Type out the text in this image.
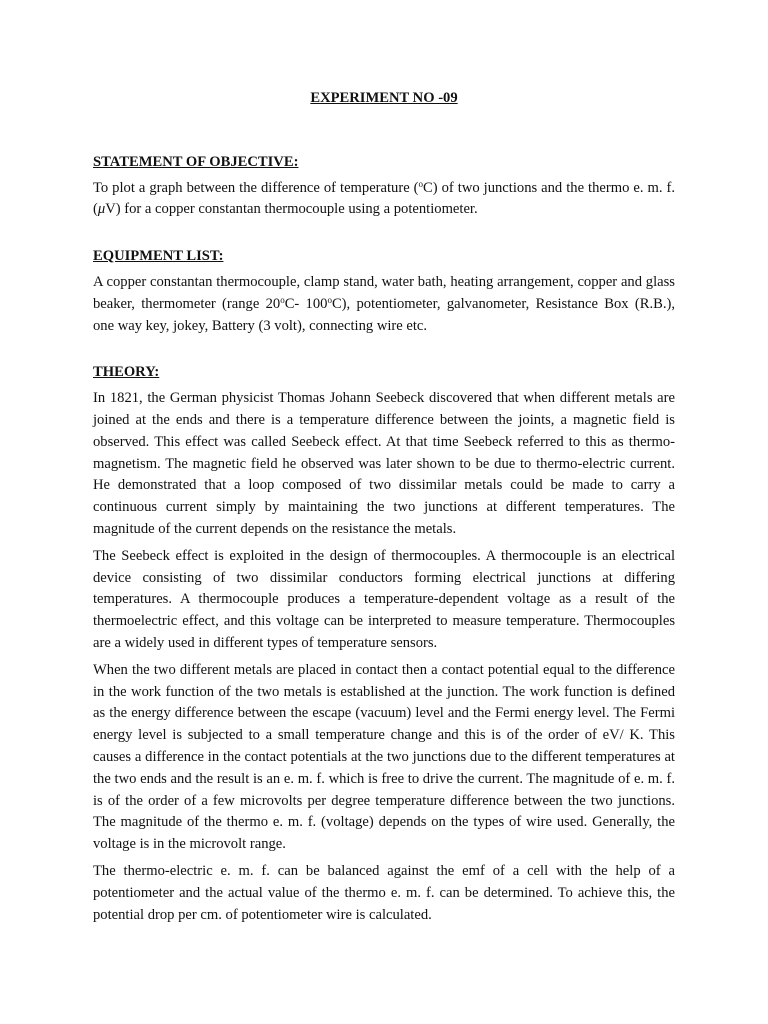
EXPERIMENT NO -09
STATEMENT OF OBJECTIVE:

To plot a graph between the difference of temperature ($^o$C) of two junctions and the thermo e. m. f. (μV) for a copper constantan thermocouple using a potentiometer.

EQUIPMENT LIST:

A copper constantan thermocouple, clamp stand, water bath, heating arrangement, copper and glass beaker, thermometer (range 20$^o$C- 100$^o$C), potentiometer, galvanometer, Resistance Box (R.B.), one way key, jokey, Battery (3 volt), connecting wire etc.

THEORY:

In 1821, the German physicist Thomas Johann Seebeck discovered that when different metals are joined at the ends and there is a temperature difference between the joints, a magnetic field is observed. This effect was called Seebeck effect. At that time Seebeck referred to this as thermo-magnetism. The magnetic field he observed was later shown to be due to thermo-electric current. He demonstrated that a loop composed of two dissimilar metals could be made to carry a continuous current simply by maintaining the two junctions at different temperatures. The magnitude of the current depends on the resistance the metals.

The Seebeck effect is exploited in the design of thermocouples. A thermocouple is an electrical device consisting of two dissimilar conductors forming electrical junctions at differing temperatures. A thermocouple produces a temperature-dependent voltage as a result of the thermoelectric effect, and this voltage can be interpreted to measure temperature. Thermocouples are a widely used in different types of temperature sensors.

When the two different metals are placed in contact then a contact potential equal to the difference in the work function of the two metals is established at the junction. The work function is defined as the energy difference between the escape (vacuum) level and the Fermi energy level. The Fermi energy level is subjected to a small temperature change and this is of the order of eV/ K. This causes a difference in the contact potentials at the two junctions due to the different temperatures at the two ends and the result is an e. m. f. which is free to drive the current. The magnitude of e. m. f. is of the order of a few microvolts per degree temperature difference between the two junctions. The magnitude of the thermo e. m. f. (voltage) depends on the types of wire used. Generally, the voltage is in the microvolt range.

The thermo-electric e. m. f. can be balanced against the emf of a cell with the help of a potentiometer and the actual value of the thermo e. m. f. can be determined. To achieve this, the potential drop per cm. of potentiometer wire is calculated.
